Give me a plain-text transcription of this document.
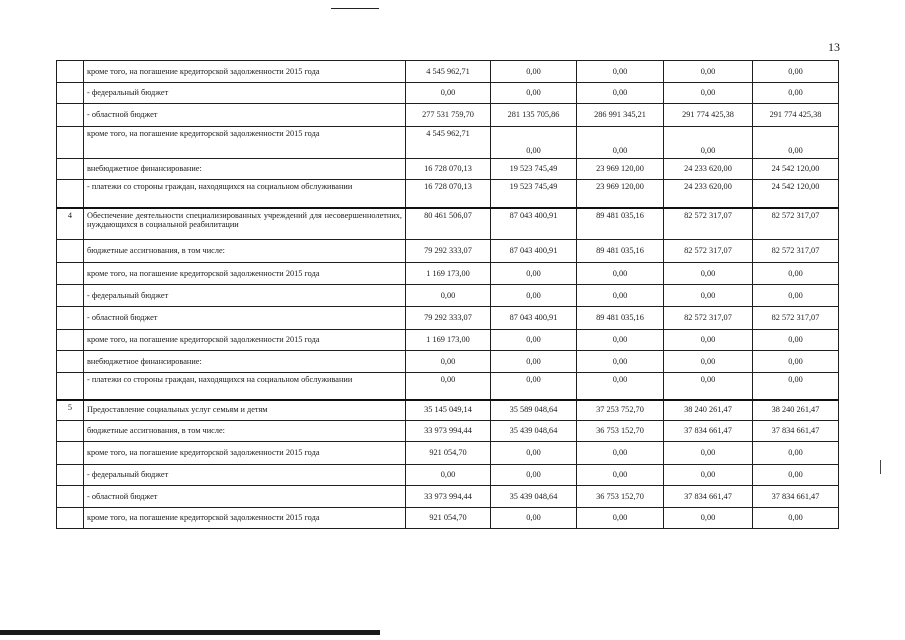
13
	кроме того, на погашение кредиторской задолженности 2015 года	4 545 962,71	0,00	0,00	0,00	0,00
	- федеральный бюджет	0,00	0,00	0,00	0,00	0,00
	- областной бюджет	277 531 759,70	281 135 705,86	286 991 345,21	291 774 425,38	291 774 425,38
	кроме того, на погашение кредиторской задолженности 2015 года	4 545 962,71	0,00	0,00	0,00	0,00
	внебюджетное финансирование:	16 728 070,13	19 523 745,49	23 969 120,00	24 233 620,00	24 542 120,00
	- платежи со стороны граждан, находящихся на социальном обслуживании	16 728 070,13	19 523 745,49	23 969 120,00	24 233 620,00	24 542 120,00
4	Обеспечение деятельности специализированных учреждений для несовершеннолетних, нуждающихся в социальной реабилитации	80 461 506,07	87 043 400,91	89 481 035,16	82 572 317,07	82 572 317,07
	бюджетные ассигнования, в том числе:	79 292 333,07	87 043 400,91	89 481 035,16	82 572 317,07	82 572 317,07
	кроме того, на погашение кредиторской задолженности 2015 года	1 169 173,00	0,00	0,00	0,00	0,00
	- федеральный бюджет	0,00	0,00	0,00	0,00	0,00
	- областной бюджет	79 292 333,07	87 043 400,91	89 481 035,16	82 572 317,07	82 572 317,07
	кроме того, на погашение кредиторской задолженности 2015 года	1 169 173,00	0,00	0,00	0,00	0,00
	внебюджетное финансирование:	0,00	0,00	0,00	0,00	0,00
	- платежи со стороны граждан, находящихся на социальном обслуживании	0,00	0,00	0,00	0,00	0,00
5	Предоставление социальных услуг семьям и детям	35 145 049,14	35 589 048,64	37 253 752,70	38 240 261,47	38 240 261,47
	бюджетные ассигнования, в том числе:	33 973 994,44	35 439 048,64	36 753 152,70	37 834 661,47	37 834 661,47
	кроме того, на погашение кредиторской задолженности 2015 года	921 054,70	0,00	0,00	0,00	0,00
	- федеральный бюджет	0,00	0,00	0,00	0,00	0,00
	- областной бюджет	33 973 994,44	35 439 048,64	36 753 152,70	37 834 661,47	37 834 661,47
	кроме того, на погашение кредиторской задолженности 2015 года	921 054,70	0,00	0,00	0,00	0,00
